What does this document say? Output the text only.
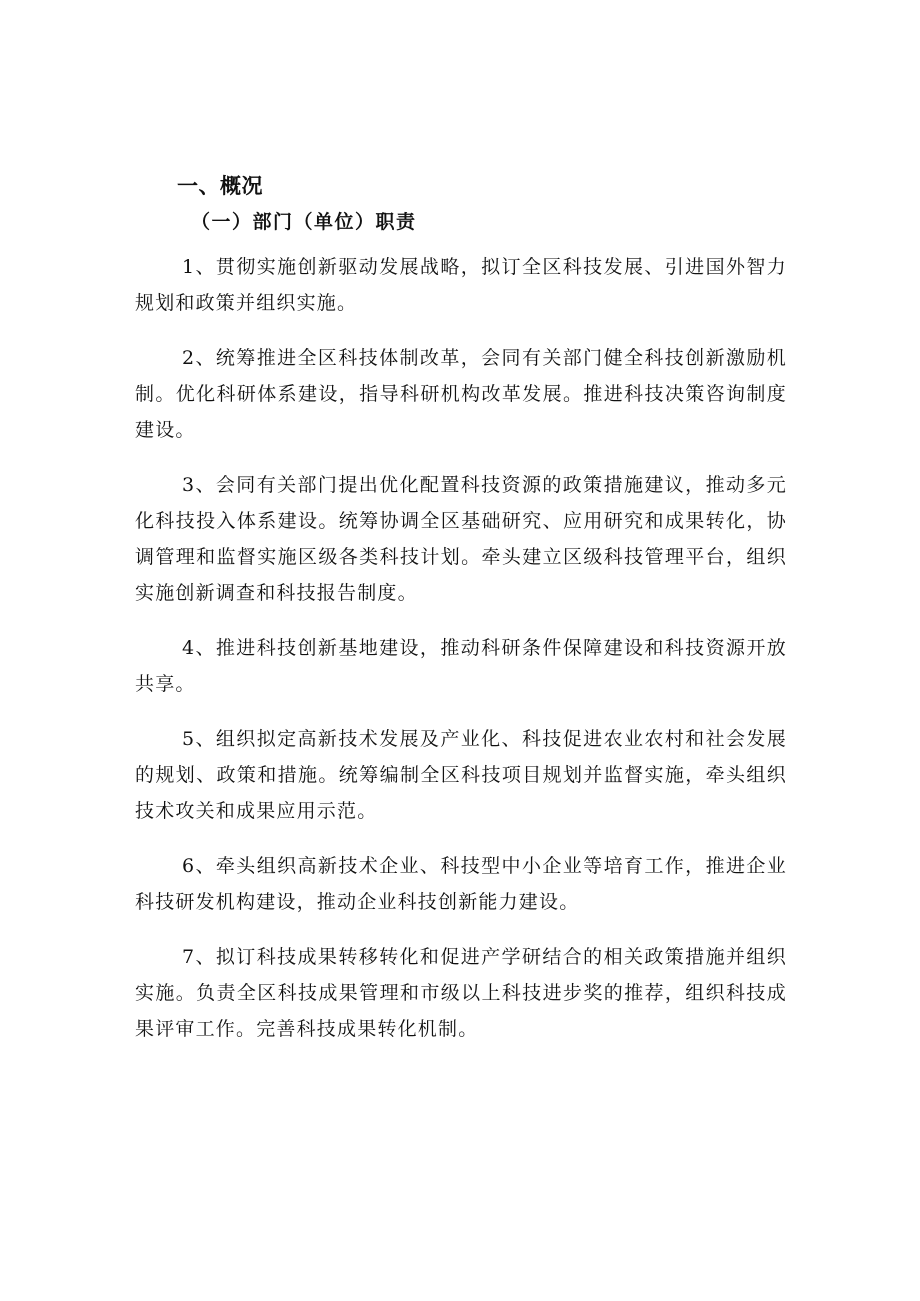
一、概况
（一）部门（单位）职责

1、贯彻实施创新驱动发展战略，拟订全区科技发展、引进国外智力规划和政策并组织实施。

2、统筹推进全区科技体制改革，会同有关部门健全科技创新激励机制。优化科研体系建设，指导科研机构改革发展。推进科技决策咨询制度建设。

3、会同有关部门提出优化配置科技资源的政策措施建议，推动多元化科技投入体系建设。统筹协调全区基础研究、应用研究和成果转化，协调管理和监督实施区级各类科技计划。牵头建立区级科技管理平台，组织实施创新调查和科技报告制度。

4、推进科技创新基地建设，推动科研条件保障建设和科技资源开放共享。

5、组织拟定高新技术发展及产业化、科技促进农业农村和社会发展的规划、政策和措施。统筹编制全区科技项目规划并监督实施，牵头组织技术攻关和成果应用示范。

6、牵头组织高新技术企业、科技型中小企业等培育工作，推进企业科技研发机构建设，推动企业科技创新能力建设。

7、拟订科技成果转移转化和促进产学研结合的相关政策措施并组织实施。负责全区科技成果管理和市级以上科技进步奖的推荐，组织科技成果评审工作。完善科技成果转化机制。
